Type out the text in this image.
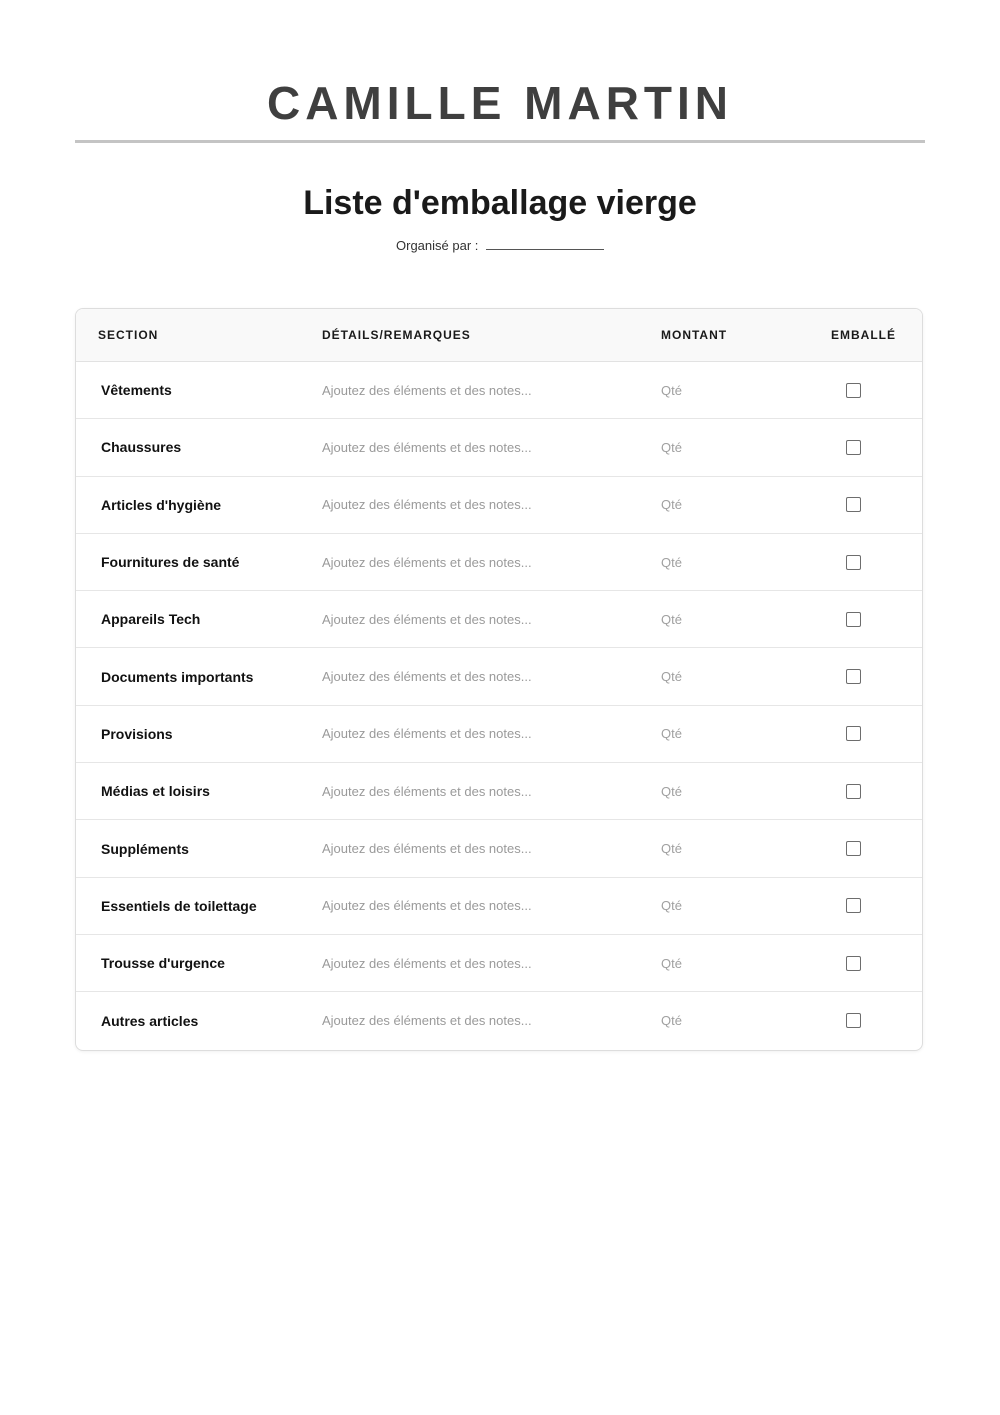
CAMILLE MARTIN
Liste d'emballage vierge
Organisé par :
SECTION	DÉTAILS/REMARQUES	MONTANT	EMBALLÉ
Vêtements	Ajoutez des éléments et des notes...	Qté
Chaussures	Ajoutez des éléments et des notes...	Qté
Articles d'hygiène	Ajoutez des éléments et des notes...	Qté
Fournitures de santé	Ajoutez des éléments et des notes...	Qté
Appareils Tech	Ajoutez des éléments et des notes...	Qté
Documents importants	Ajoutez des éléments et des notes...	Qté
Provisions	Ajoutez des éléments et des notes...	Qté
Médias et loisirs	Ajoutez des éléments et des notes...	Qté
Suppléments	Ajoutez des éléments et des notes...	Qté
Essentiels de toilettage	Ajoutez des éléments et des notes...	Qté
Trousse d'urgence	Ajoutez des éléments et des notes...	Qté
Autres articles	Ajoutez des éléments et des notes...	Qté
